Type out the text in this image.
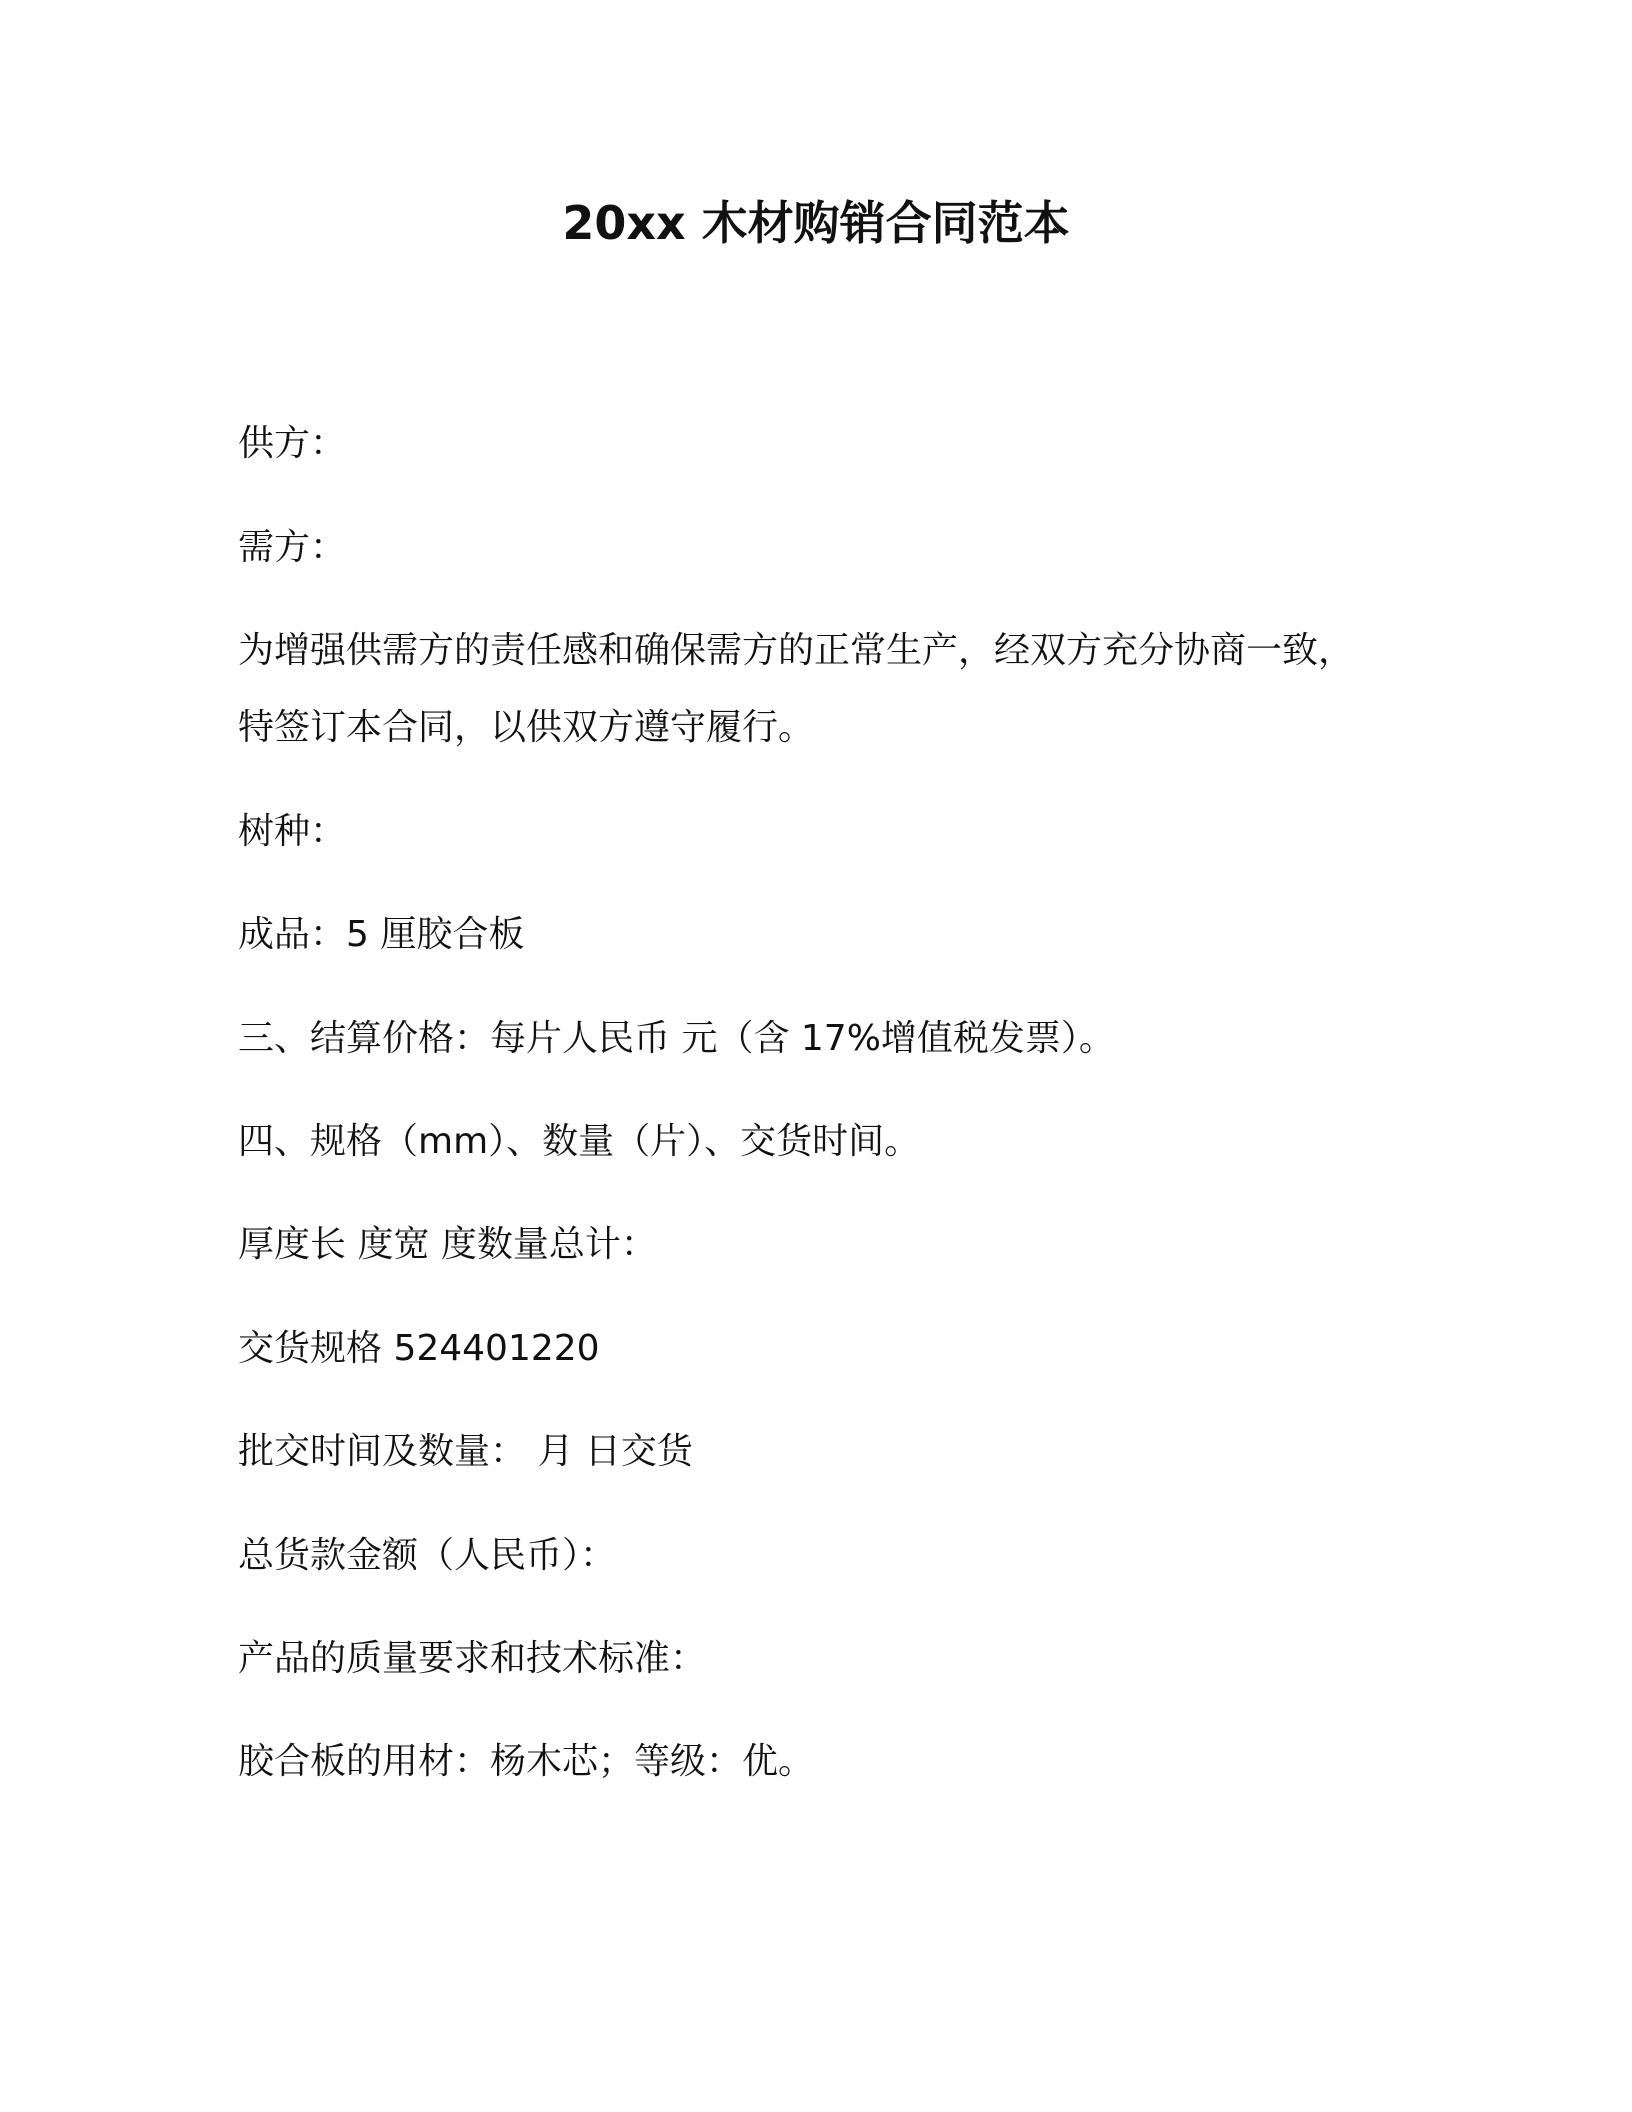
20xx 木材购销合同范本
供方：
需方：
为增强供需方的责任感和确保需方的正常生产，经双方充分协商一致，
特签订本合同，以供双方遵守履行。
树种：
成品：5 厘胶合板
三、结算价格：每片人民币 元（含 17%增值税发票）。
四、规格（mm）、数量（片）、交货时间。
厚度长 度宽 度数量总计：
交货规格 524401220
批交时间及数量： 月 日交货
总货款金额（人民币）：
产品的质量要求和技术标准：
胶合板的用材：杨木芯；等级：优。
